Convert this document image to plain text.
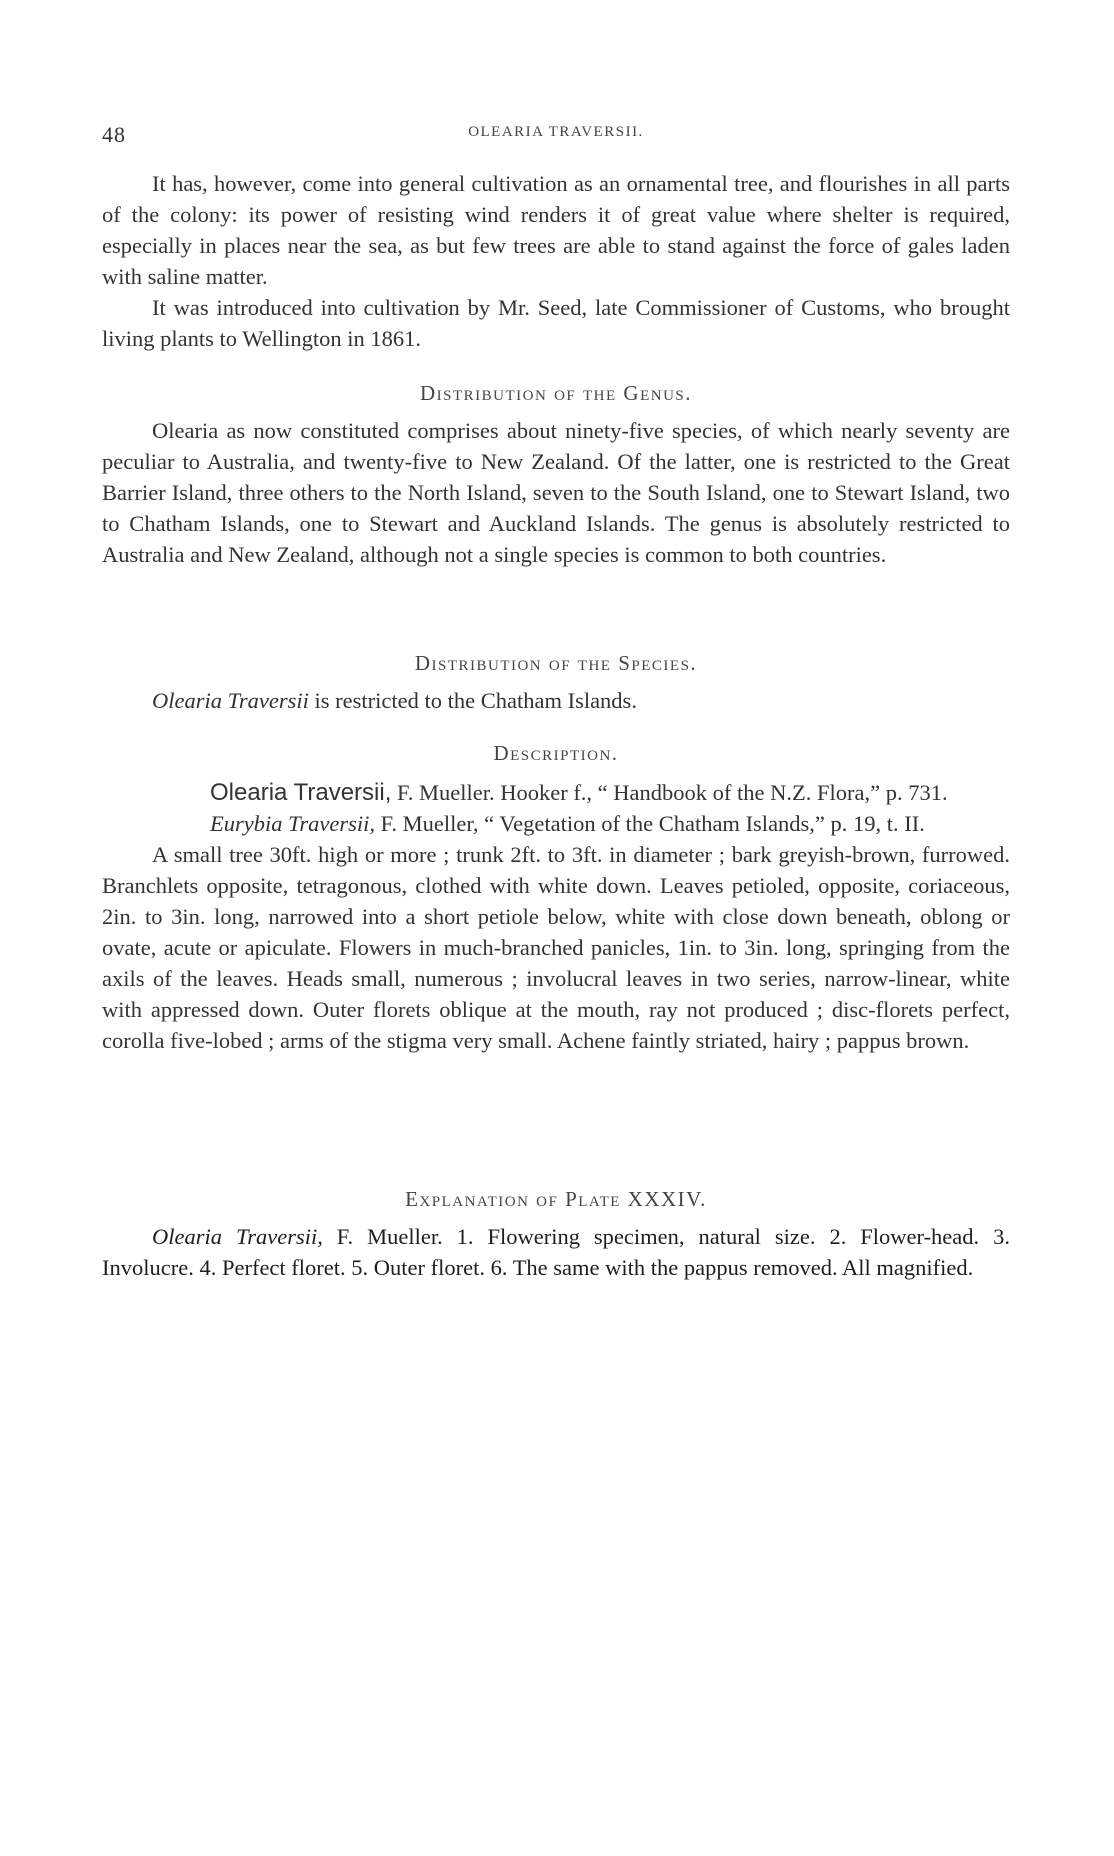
48	OLEARIA TRAVERSII.

It has, however, come into general cultivation as an ornamental tree, and flourishes in all parts of the colony: its power of resisting wind renders it of great value where shelter is required, especially in places near the sea, as but few trees are able to stand against the force of gales laden with saline matter.

It was introduced into cultivation by Mr. Seed, late Commissioner of Customs, who brought living plants to Wellington in 1861.

Distribution of the Genus.

Olearia as now constituted comprises about ninety-five species, of which nearly seventy are peculiar to Australia, and twenty-five to New Zealand. Of the latter, one is restricted to the Great Barrier Island, three others to the North Island, seven to the South Island, one to Stewart Island, two to Chatham Islands, one to Stewart and Auckland Islands. The genus is absolutely restricted to Australia and New Zealand, although not a single species is common to both countries.

Distribution of the Species.

Olearia Traversii is restricted to the Chatham Islands.

Description.

Olearia Traversii, F. Mueller. Hooker f., “ Handbook of the N.Z. Flora,” p. 731.

Eurybia Traversii, F. Mueller, “ Vegetation of the Chatham Islands,” p. 19, t. II.

A small tree 30ft. high or more ; trunk 2ft. to 3ft. in diameter ; bark greyish-brown, furrowed. Branchlets opposite, tetragonous, clothed with white down. Leaves petioled, opposite, coriaceous, 2in. to 3in. long, narrowed into a short petiole below, white with close down beneath, oblong or ovate, acute or apiculate. Flowers in much-branched panicles, 1in. to 3in. long, springing from the axils of the leaves. Heads small, numerous ; involucral leaves in two series, narrow-linear, white with appressed down. Outer florets oblique at the mouth, ray not produced ; disc-florets perfect, corolla five-lobed ; arms of the stigma very small. Achene faintly striated, hairy ; pappus brown.

Explanation of Plate XXXIV.

Olearia Traversii, F. Mueller. 1. Flowering specimen, natural size. 2. Flower-head. 3. Involucre. 4. Perfect floret. 5. Outer floret. 6. The same with the pappus removed. All magnified.
